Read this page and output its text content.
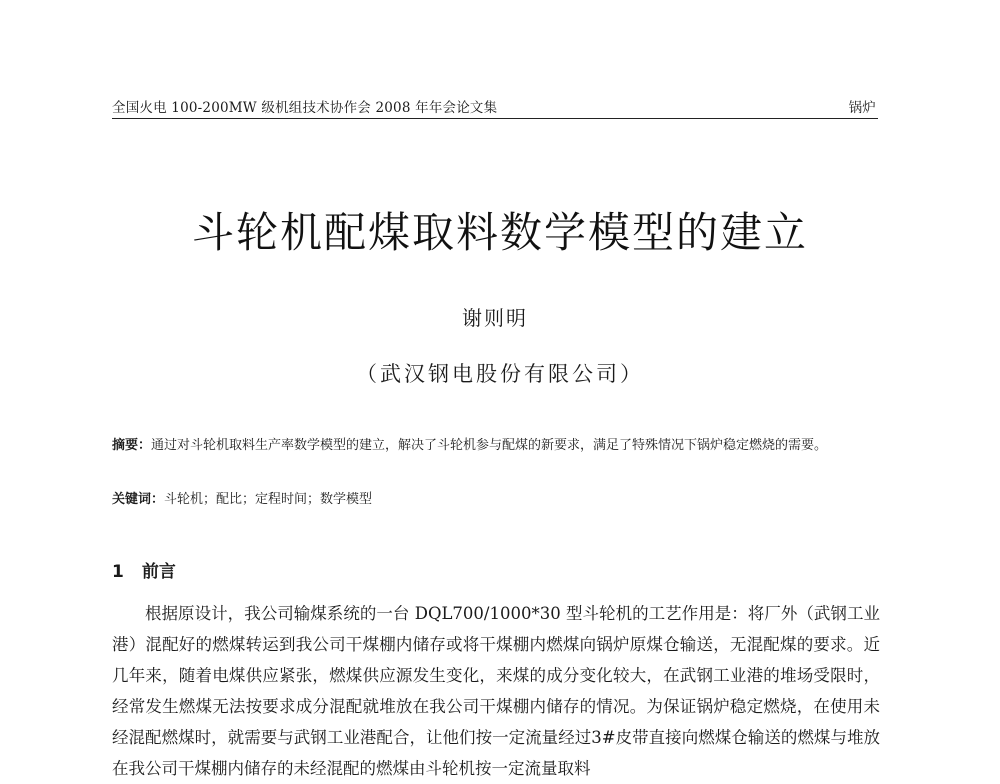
全国火电 100-200MW 级机组技术协作会 2008 年年会论文集	锅炉
斗轮机配煤取料数学模型的建立
谢则明
（武汉钢电股份有限公司）
摘要：通过对斗轮机取料生产率数学模型的建立，解决了斗轮机参与配煤的新要求，满足了特殊情况下锅炉稳定燃烧的需要。
关键词：斗轮机；配比；定程时间；数学模型
1 前言

根据原设计，我公司输煤系统的一台 DQL700/1000*30 型斗轮机的工艺作用是：将厂外（武钢工业港）混配好的燃煤转运到我公司干煤棚内储存或将干煤棚内燃煤向锅炉原煤仓输送，无混配煤的要求。近几年来，随着电煤供应紧张，燃煤供应源发生变化，来煤的成分变化较大，在武钢工业港的堆场受限时，经常发生燃煤无法按要求成分混配就堆放在我公司干煤棚内储存的情况。为保证锅炉稳定燃烧，在使用未经混配燃煤时，就需要与武钢工业港配合，让他们按一定流量经过3#皮带直接向燃煤仓输送的燃煤与堆放在我公司干煤棚内储存的未经混配的燃煤由斗轮机按一定流量取料
